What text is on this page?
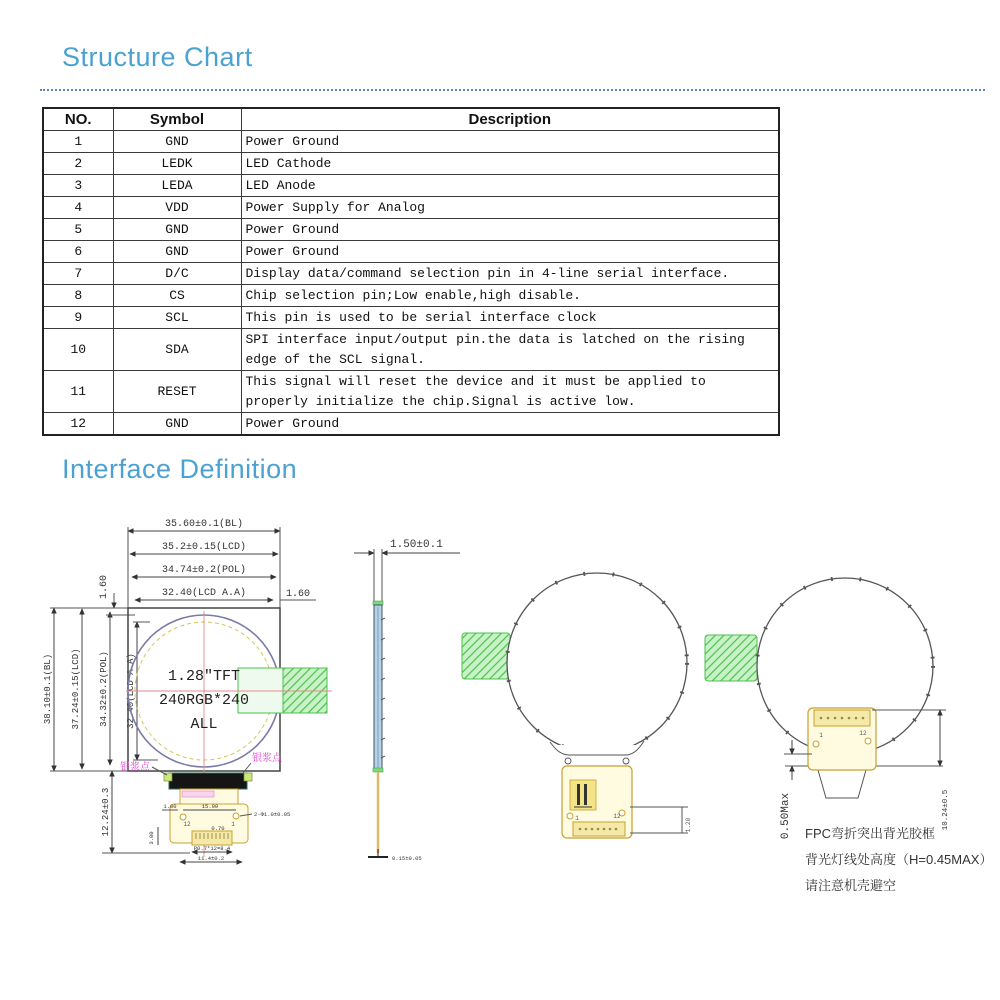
Structure Chart
NO.	Symbol	Description
1	GND	Power Ground
2	LEDK	LED Cathode
3	LEDA	LED Anode
4	VDD	Power Supply for Analog
5	GND	Power Ground
6	GND	Power Ground
7	D/C	Display data/command selection pin in 4-line serial interface.
8	CS	Chip selection pin;Low enable,high disable.
9	SCL	This pin is used to be serial interface clock
10	SDA	SPI interface input/output pin.the data is latched on the rising edge of the SCL signal.
11	RESET	This signal will reset the device and it must be applied to properly initialize the chip.Signal is active low.
12	GND	Power Ground
Interface Definition
35.60±0.1(BL)
35.2±0.15(LCD)
34.74±0.2(POL)
32.40(LCD A.A)	1.60
1.60
38.10±0.1(BL) 37.24±0.15(LCD) 34.32±0.2(POL) 32.40(LCD A.A) 1.28″TFT
240RGB*240
ALL
银浆点
银浆点
12.24±0.3	1.00	15.00
2-Φ1.0±0.05
12	1
0.70
P0.7*12=8.4
11.4±0.2
3.00
1.50±0.1
0.15±0.05
1	12
1.20
1	12
0.50Max	10.24±0.5
FPC弯折突出背光胶框
背光灯线处高度（H=0.45MAX）
请注意机壳避空
